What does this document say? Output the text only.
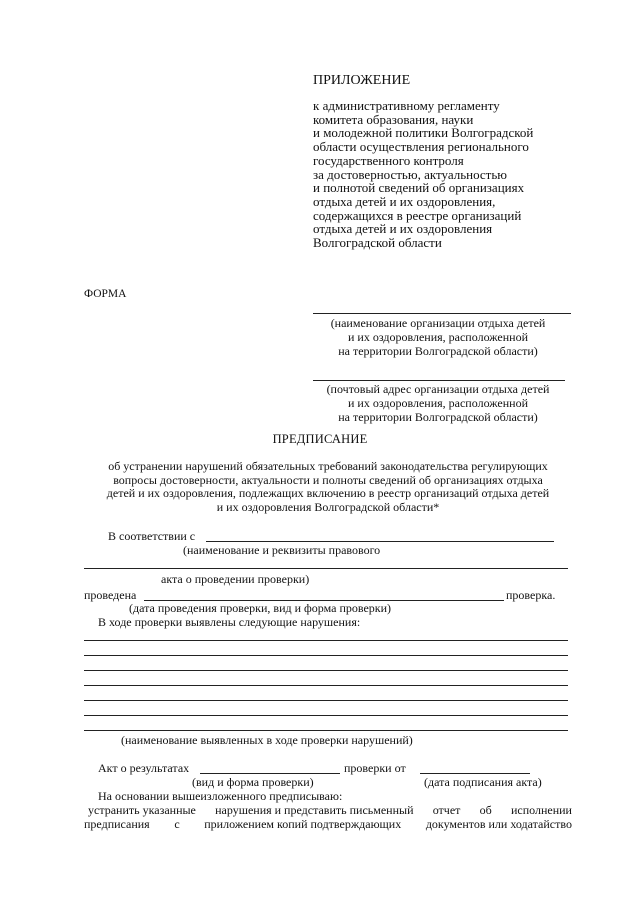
ПРИЛОЖЕНИЕ
к административному регламенту
комитета образования, науки
и молодежной политики Волгоградской
области осуществления регионального
государственного контроля
за достоверностью, актуальностью
и полнотой сведений об организациях
отдыха детей и их оздоровления,
содержащихся в реестре организаций
отдыха детей и их оздоровления
Волгоградской области
ФОРМА
(наименование организации отдыха детей
и их оздоровления, расположенной
на территории Волгоградской области)
(почтовый адрес организации отдыха детей
и их оздоровления, расположенной
на территории Волгоградской области)
ПРЕДПИСАНИЕ
об устранении нарушений обязательных требований законодательства регулирующих
вопросы достоверности, актуальности и полноты сведений об организациях отдыха
детей и их оздоровления, подлежащих включению в реестр организаций отдыха детей
и их оздоровления Волгоградской области*
В соответствии с
(наименование и реквизиты правового
акта о проведении проверки)
проведена	проверка.
(дата проведения проверки, вид и форма проверки)
В ходе проверки выявлены следующие нарушения:
(наименование выявленных в ходе проверки нарушений)
Акт о результатах	проверки от
(вид и форма проверки)	(дата подписания акта)
На основании вышеизложенного предписываю:
устранить указанные нарушения и представить письменный отчет об исполнении
предписания с приложением копий подтверждающих документов или ходатайство
